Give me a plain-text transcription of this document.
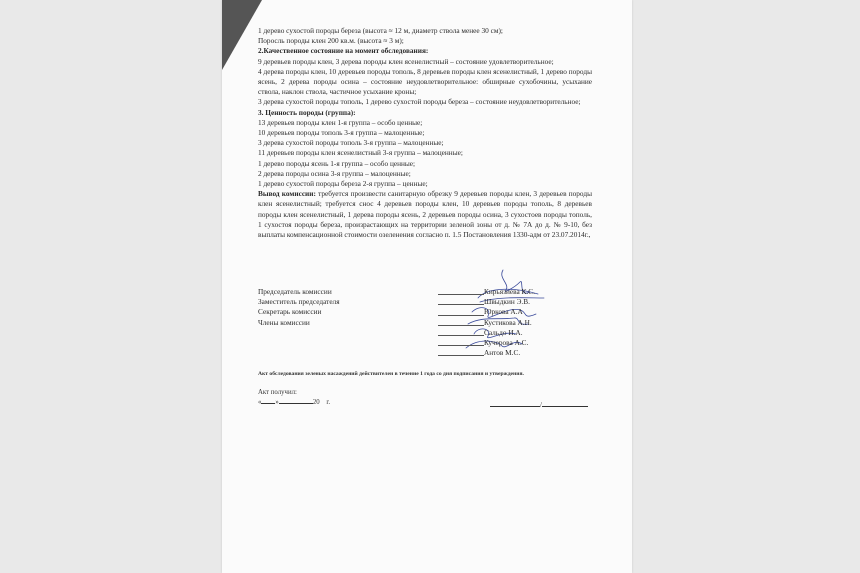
1 дерево сухостой породы береза (высота ≈ 12 м, диаметр ствола менее 30 см);

Поросль породы клен 200 кв.м. (высота ≈ 3 м);

2.Качественное состояние на момент обследования:

9 деревьев породы клен, 3 дерева породы клен ясенелистный – состояние удовлетворительное;

4 дерева породы клен, 10 деревьев породы тополь, 8 деревьев породы клен ясенелистный, 1 дерево породы ясень, 2 дерева породы осина – состояние неудовлетворительное: обширные сухобочины, усыхание ствола, наклон ствола, частичное усыхание кроны;

3 дерева сухостой породы тополь, 1 дерево сухостой породы береза – состояние неудовлетворительное;

3. Ценность породы (группа):

13 деревьев породы клен 1-я группа – особо ценные;

10 деревьев породы тополь 3-я группа – малоценные;

3 дерева сухостой породы тополь 3-я группа – малоценные;

11 деревьев породы клен ясенелистный 3-я группа – малоценные;

1 дерево породы ясень 1-я группа – особо ценные;

2 дерева породы осина 3-я группа – малоценные;

1 дерево сухостой породы береза 2-я группа – ценные;

Вывод комиссии: требуется произвести санитарную обрезку 9 деревьев породы клен, 3 деревьев породы клен ясенелистный; требуется снос 4 деревьев породы клен, 10 деревьев породы тополь, 8 деревьев породы клен ясенелистный, 1 дерева породы ясень, 2 деревьев породы осина, 3 сухостоев породы тополь, 1 сухостоя породы береза, произрастающих на территории зеленой зоны от д. № 7А до д. № 9-10, без выплаты компенсационной стоимости озеленения согласно п. 1.5 Постановления 1330-адм от 23.07.2014г.,

Председатель комиссии
Заместитель председателя
Секретарь комиссии
Члены комиссии
Кирьязиева К.С.
Швыдкин Э.В.
Юркова А.А
Кустикова А.Н.
Сальдо И.А.
Кучерова А.С.
Антов М.С.
Акт обследования зеленых насаждений действителен в течение 1 года со дня подписания и утверждения.
Акт получил:
« »	20 г.	/
